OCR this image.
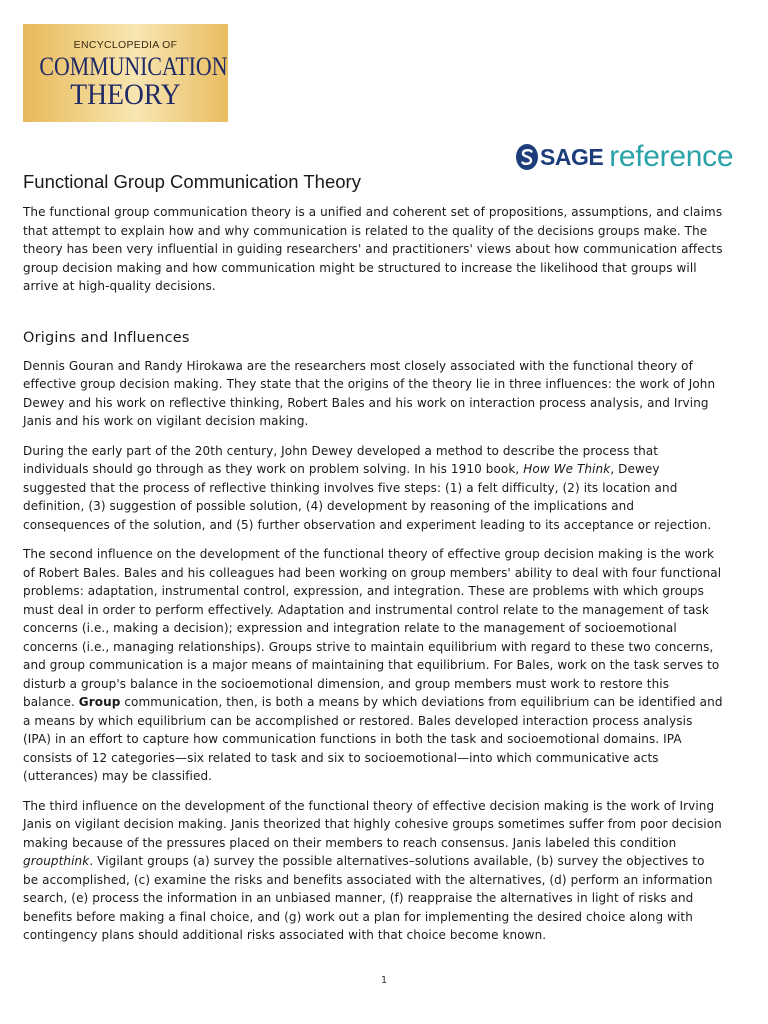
ENCYCLOPEDIA OF
COMMUNICATION
THEORY
SAGE reference
Functional Group Communication Theory

The functional group communication theory is a unified and coherent set of propositions, assumptions, and claims that attempt to explain how and why communication is related to the quality of the decisions groups make. The theory has been very influential in guiding researchers' and practitioners' views about how communication affects group decision making and how communication might be structured to increase the likelihood that groups will arrive at high-quality decisions.

Origins and Influences

Dennis Gouran and Randy Hirokawa are the researchers most closely associated with the functional theory of effective group decision making. They state that the origins of the theory lie in three influences: the work of John Dewey and his work on reflective thinking, Robert Bales and his work on interaction process analysis, and Irving Janis and his work on vigilant decision making.

During the early part of the 20th century, John Dewey developed a method to describe the process that individuals should go through as they work on problem solving. In his 1910 book, How We Think, Dewey suggested that the process of reflective thinking involves five steps: (1) a felt difficulty, (2) its location and definition, (3) suggestion of possible solution, (4) development by reasoning of the implications and consequences of the solution, and (5) further observation and experiment leading to its acceptance or rejection.

The second influence on the development of the functional theory of effective group decision making is the work of Robert Bales. Bales and his colleagues had been working on group members' ability to deal with four functional problems: adaptation, instrumental control, expression, and integration. These are problems with which groups must deal in order to perform effectively. Adaptation and instrumental control relate to the management of task concerns (i.e., making a decision); expression and integration relate to the management of socioemotional concerns (i.e., managing relationships). Groups strive to maintain equilibrium with regard to these two concerns, and group communication is a major means of maintaining that equilibrium. For Bales, work on the task serves to disturb a group's balance in the socioemotional dimension, and group members must work to restore this balance. Group communication, then, is both a means by which deviations from equilibrium can be identified and a means by which equilibrium can be accomplished or restored. Bales developed interaction process analysis (IPA) in an effort to capture how communication functions in both the task and socioemotional domains. IPA consists of 12 categories—six related to task and six to socioemotional—into which communicative acts (utterances) may be classified.

The third influence on the development of the functional theory of effective decision making is the work of Irving Janis on vigilant decision making. Janis theorized that highly cohesive groups sometimes suffer from poor decision making because of the pressures placed on their members to reach consensus. Janis labeled this condition groupthink. Vigilant groups (a) survey the possible alternatives–solutions available, (b) survey the objectives to be accomplished, (c) examine the risks and benefits associated with the alternatives, (d) perform an information search, (e) process the information in an unbiased manner, (f) reappraise the alternatives in light of risks and benefits before making a final choice, and (g) work out a plan for implementing the desired choice along with contingency plans should additional risks associated with that choice become known.

1
